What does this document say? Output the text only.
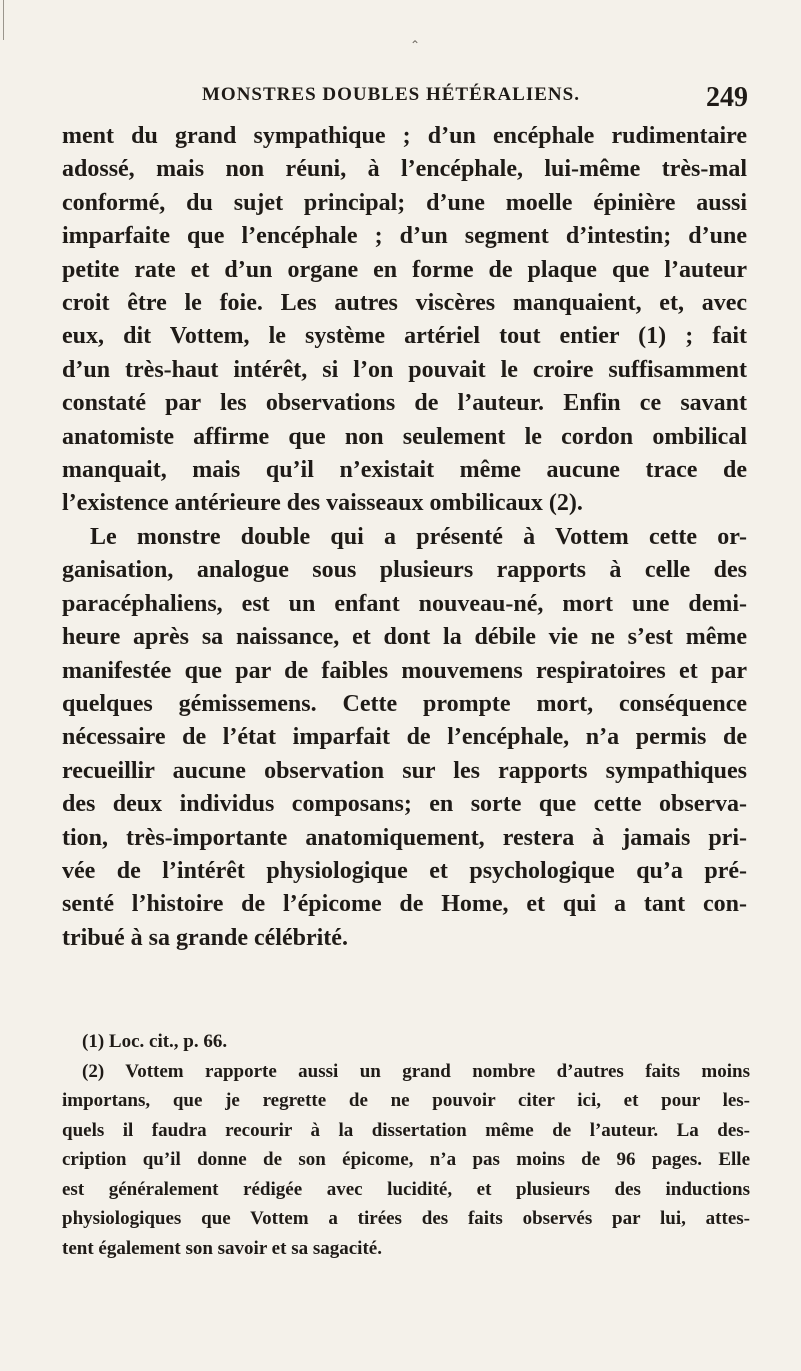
⌃
MONSTRES DOUBLES HÉTÉRALIENS.	249
ment du grand sympathique ; d’un encéphale rudimentaire
adossé, mais non réuni, à l’encéphale, lui-même très-mal
conformé, du sujet principal; d’une moelle épinière aussi
imparfaite que l’encéphale ; d’un segment d’intestin; d’une
petite rate et d’un organe en forme de plaque que l’auteur
croit être le foie. Les autres viscères manquaient, et, avec
eux, dit Vottem, le système artériel tout entier (1) ; fait
d’un très-haut intérêt, si l’on pouvait le croire suffisamment
constaté par les observations de l’auteur. Enfin ce savant
anatomiste affirme que non seulement le cordon ombilical
manquait, mais qu’il n’existait même aucune trace de
l’existence antérieure des vaisseaux ombilicaux (2).
Le monstre double qui a présenté à Vottem cette or-
ganisation, analogue sous plusieurs rapports à celle des
paracéphaliens, est un enfant nouveau-né, mort une demi-
heure après sa naissance, et dont la débile vie ne s’est même
manifestée que par de faibles mouvemens respiratoires et par
quelques gémissemens. Cette prompte mort, conséquence
nécessaire de l’état imparfait de l’encéphale, n’a permis de
recueillir aucune observation sur les rapports sympathiques
des deux individus composans; en sorte que cette observa-
tion, très-importante anatomiquement, restera à jamais pri-
vée de l’intérêt physiologique et psychologique qu’a pré-
senté l’histoire de l’épicome de Home, et qui a tant con-
tribué à sa grande célébrité.
(1) Loc. cit., p. 66.
(2) Vottem rapporte aussi un grand nombre d’autres faits moins
importans, que je regrette de ne pouvoir citer ici, et pour les-
quels il faudra recourir à la dissertation même de l’auteur. La des-
cription qu’il donne de son épicome, n’a pas moins de 96 pages. Elle
est généralement rédigée avec lucidité, et plusieurs des inductions
physiologiques que Vottem a tirées des faits observés par lui, attes-
tent également son savoir et sa sagacité.
